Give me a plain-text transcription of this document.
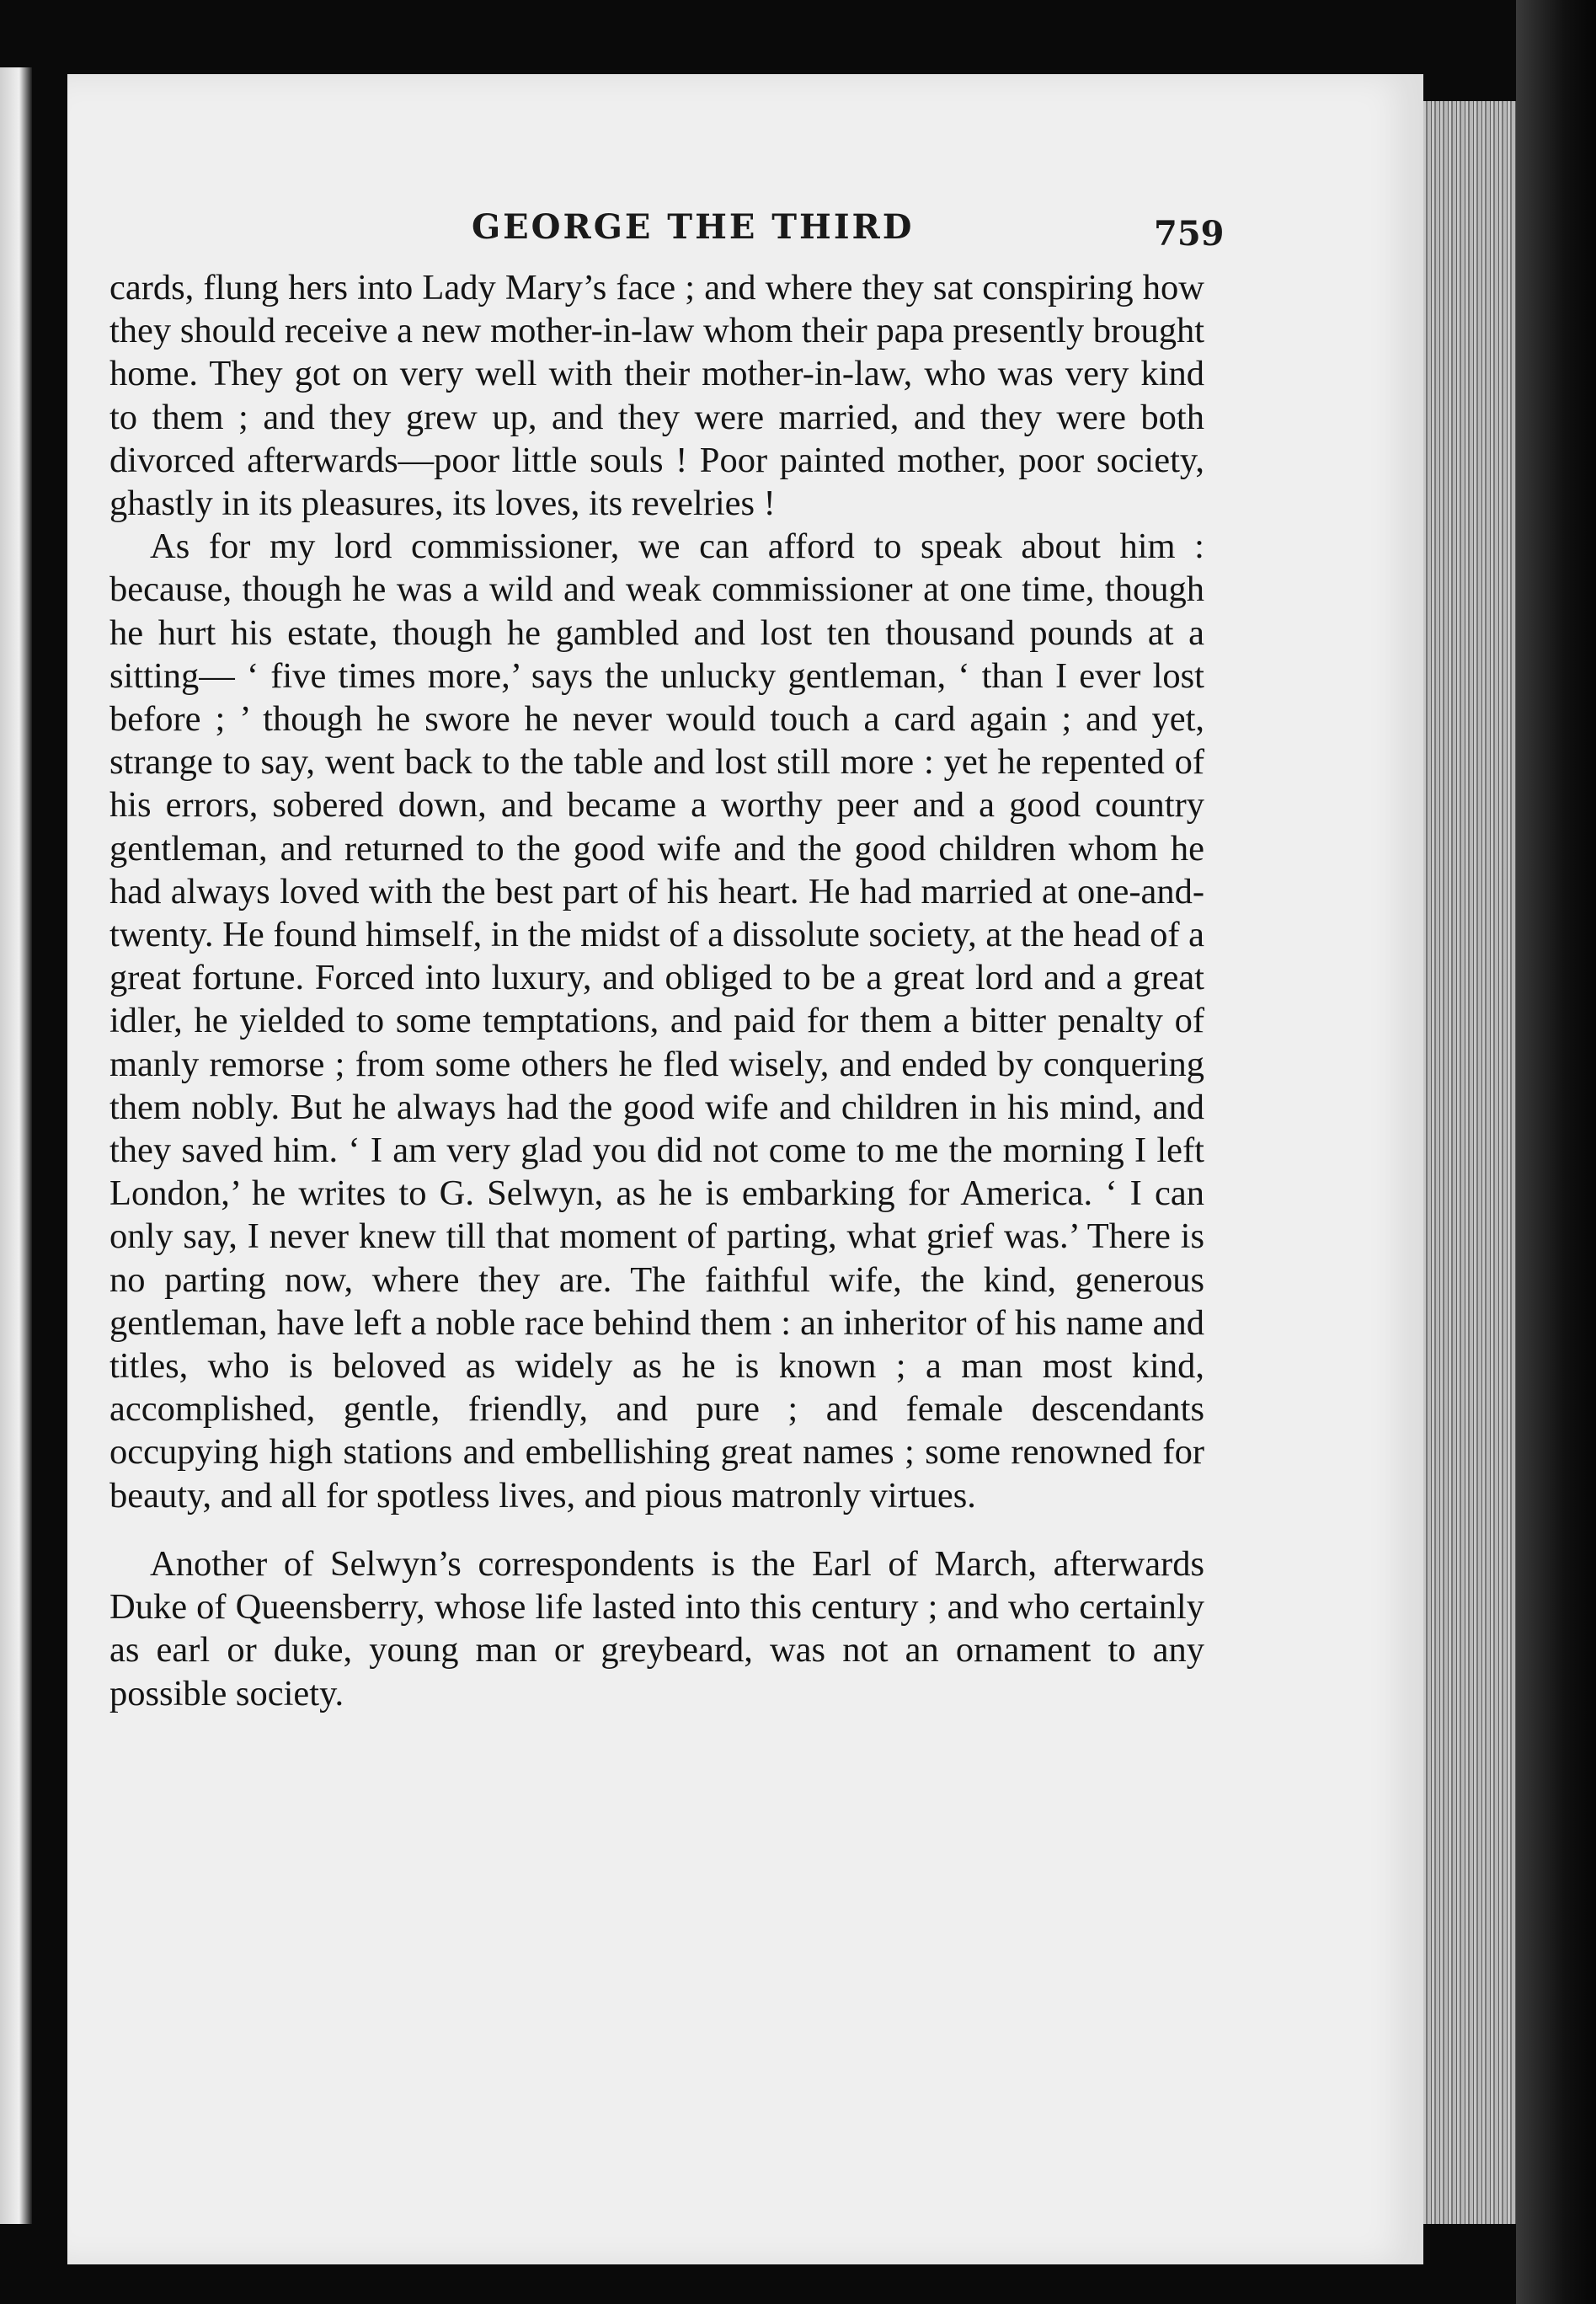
GEORGE THE THIRD	759

cards, flung hers into Lady Mary’s face ; and where they sat conspiring how they should receive a new mother-in-law whom their papa presently brought home. They got on very well with their mother-in-law, who was very kind to them ; and they grew up, and they were married, and they were both divorced afterwards—poor little souls ! Poor painted mother, poor society, ghastly in its pleasures, its loves, its revelries !

As for my lord commissioner, we can afford to speak about him : because, though he was a wild and weak commissioner at one time, though he hurt his estate, though he gambled and lost ten thousand pounds at a sitting— ‘ five times more,’ says the unlucky gentleman, ‘ than I ever lost before ; ’ though he swore he never would touch a card again ; and yet, strange to say, went back to the table and lost still more : yet he repented of his errors, sobered down, and became a worthy peer and a good country gentleman, and returned to the good wife and the good children whom he had always loved with the best part of his heart. He had married at one-and-twenty. He found himself, in the midst of a dissolute society, at the head of a great fortune. Forced into luxury, and obliged to be a great lord and a great idler, he yielded to some temptations, and paid for them a bitter penalty of manly remorse ; from some others he fled wisely, and ended by conquering them nobly. But he always had the good wife and children in his mind, and they saved him. ‘ I am very glad you did not come to me the morning I left London,’ he writes to G. Selwyn, as he is embarking for America. ‘ I can only say, I never knew till that moment of parting, what grief was.’ There is no parting now, where they are. The faithful wife, the kind, generous gentleman, have left a noble race behind them : an inheritor of his name and titles, who is beloved as widely as he is known ; a man most kind, accomplished, gentle, friendly, and pure ; and female descendants occupying high stations and embellishing great names ; some renowned for beauty, and all for spotless lives, and pious matronly virtues.

Another of Selwyn’s correspondents is the Earl of March, afterwards Duke of Queensberry, whose life lasted into this century ; and who certainly as earl or duke, young man or greybeard, was not an ornament to any possible society.
